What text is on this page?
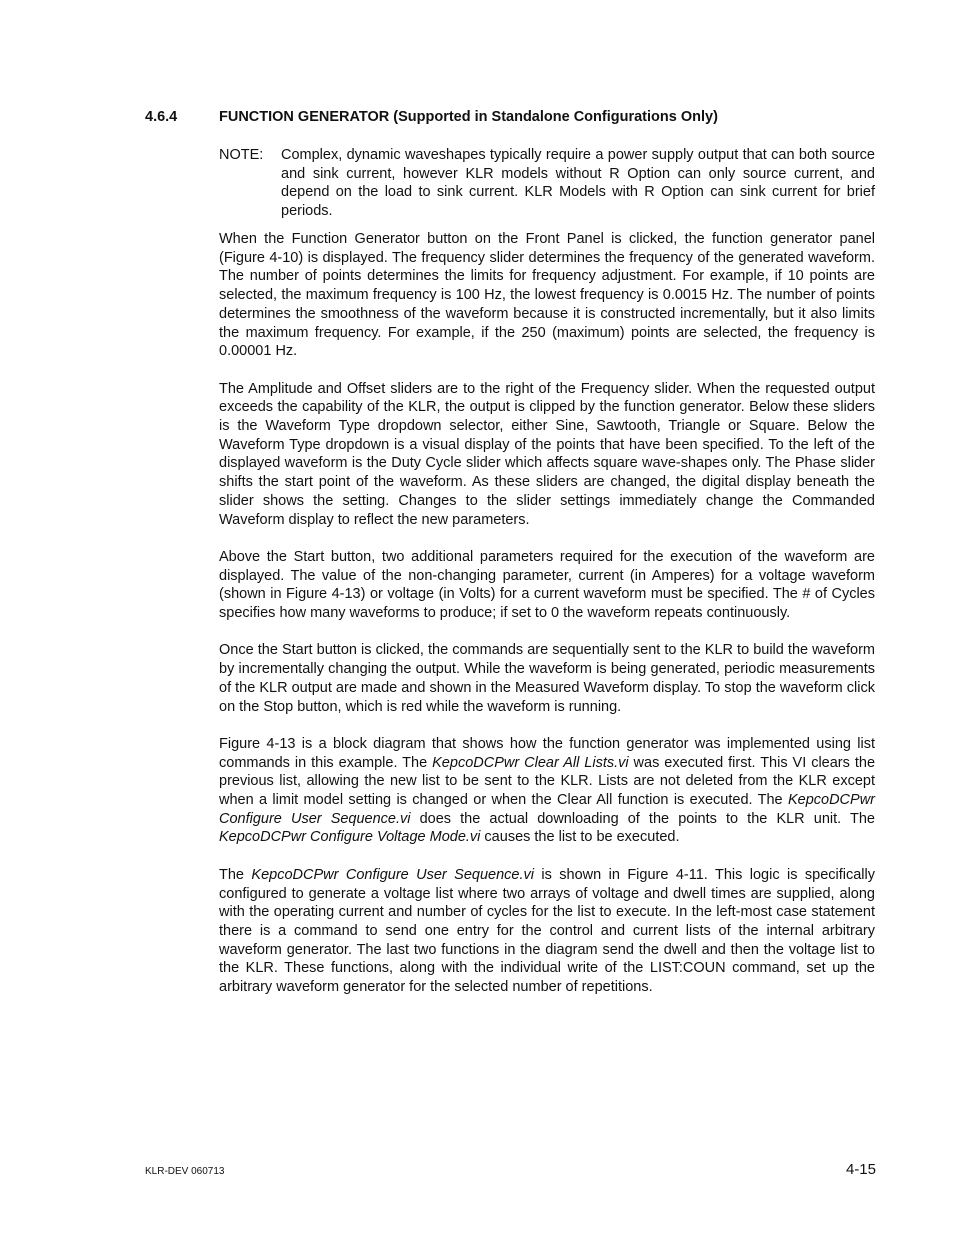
4.6.4	FUNCTION GENERATOR (Supported in Standalone Configurations Only)
NOTE: Complex, dynamic waveshapes typically require a power supply output that can both source and sink current, however KLR models without R Option can only source current, and depend on the load to sink current. KLR Models with R Option can sink current for brief periods.

When the Function Generator button on the Front Panel is clicked, the function generator panel (Figure 4-10) is displayed. The frequency slider determines the frequency of the generated waveform. The number of points determines the limits for frequency adjustment. For example, if 10 points are selected, the maximum frequency is 100 Hz, the lowest frequency is 0.0015 Hz. The number of points determines the smoothness of the waveform because it is constructed incrementally, but it also limits the maximum frequency. For example, if the 250 (maximum) points are selected, the frequency is 0.00001 Hz.

The Amplitude and Offset sliders are to the right of the Frequency slider. When the requested output exceeds the capability of the KLR, the output is clipped by the function generator. Below these sliders is the Waveform Type dropdown selector, either Sine, Sawtooth, Triangle or Square. Below the Waveform Type dropdown is a visual display of the points that have been specified. To the left of the displayed waveform is the Duty Cycle slider which affects square wave-shapes only. The Phase slider shifts the start point of the waveform. As these sliders are changed, the digital display beneath the slider shows the setting. Changes to the slider settings immediately change the Commanded Waveform display to reflect the new parameters.

Above the Start button, two additional parameters required for the execution of the waveform are displayed. The value of the non-changing parameter, current (in Amperes) for a voltage waveform (shown in Figure 4-13) or voltage (in Volts) for a current waveform must be specified. The # of Cycles specifies how many waveforms to produce; if set to 0 the waveform repeats continuously.

Once the Start button is clicked, the commands are sequentially sent to the KLR to build the waveform by incrementally changing the output. While the waveform is being generated, periodic measurements of the KLR output are made and shown in the Measured Waveform display. To stop the waveform click on the Stop button, which is red while the waveform is running.

Figure 4-13 is a block diagram that shows how the function generator was implemented using list commands in this example. The KepcoDCPwr Clear All Lists.vi was executed first. This VI clears the previous list, allowing the new list to be sent to the KLR. Lists are not deleted from the KLR except when a limit model setting is changed or when the Clear All function is executed. The KepcoDCPwr Configure User Sequence.vi does the actual downloading of the points to the KLR unit. The KepcoDCPwr Configure Voltage Mode.vi causes the list to be executed.

The KepcoDCPwr Configure User Sequence.vi is shown in Figure 4-11. This logic is specifically configured to generate a voltage list where two arrays of voltage and dwell times are supplied, along with the operating current and number of cycles for the list to execute. In the left-most case statement there is a command to send one entry for the control and current lists of the internal arbitrary waveform generator. The last two functions in the diagram send the dwell and then the voltage list to the KLR. These functions, along with the individual write of the LIST:COUN command, set up the arbitrary waveform generator for the selected number of repetitions.

KLR-DEV 060713	4-15
